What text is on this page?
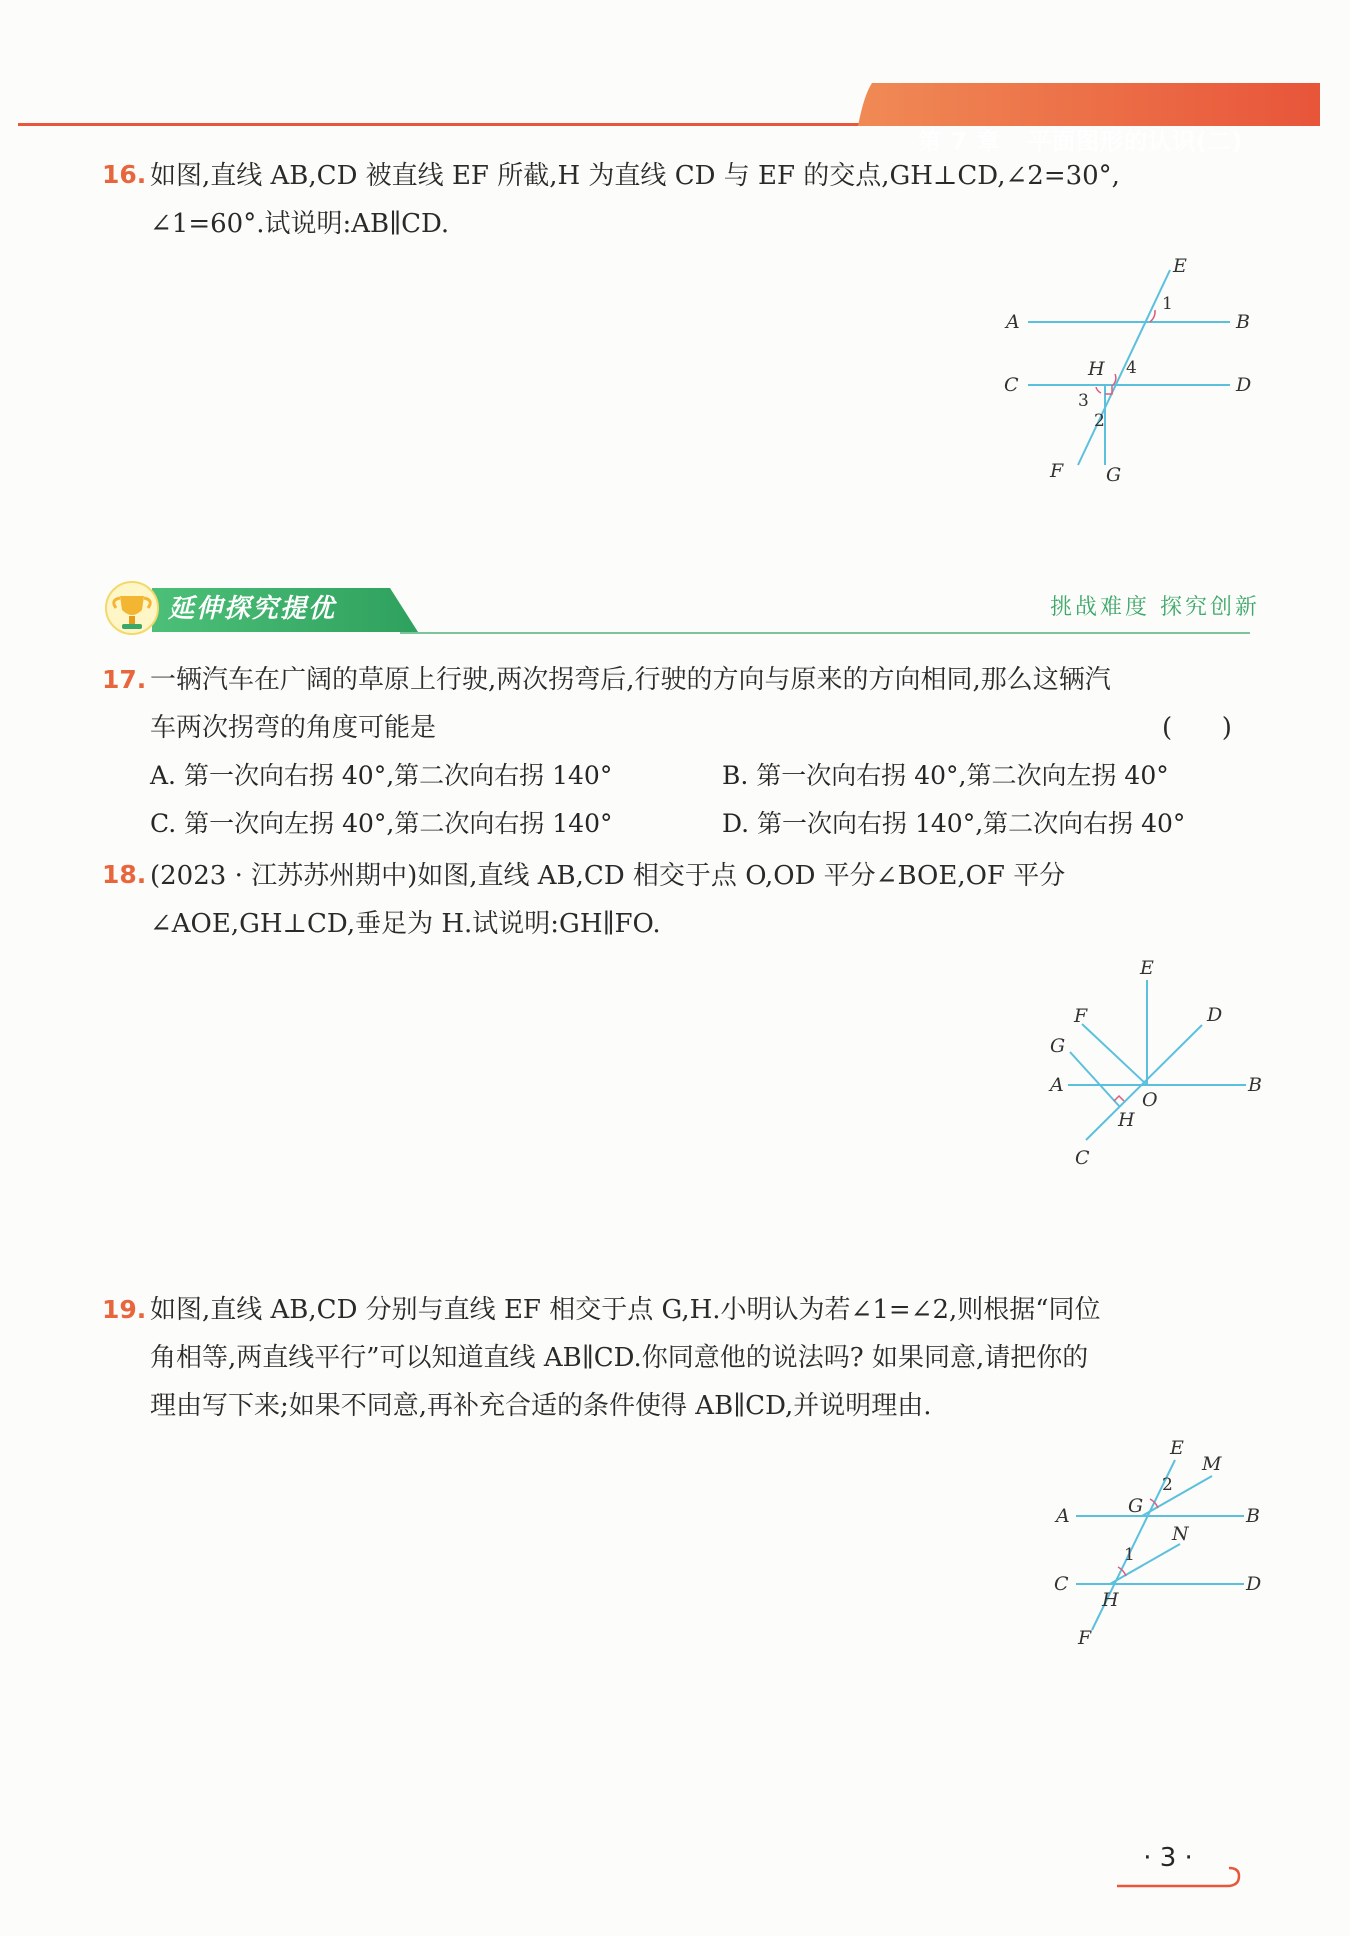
第 7 章 平面图形的认识(二)

16. 如图,直线 AB,CD 被直线 EF 所截,H 为直线 CD 与 EF 的交点,GH⊥CD,∠2=30°,
∠1=60°.试说明:AB∥CD.
E
1
A	B
H 4
C	D
3
2
F G
延伸探究提优	挑战难度 探究创新
17. 一辆汽车在广阔的草原上行驶,两次拐弯后,行驶的方向与原来的方向相同,那么这辆汽
车两次拐弯的角度可能是	(      )
A. 第一次向右拐 40°,第二次向右拐 140°	B. 第一次向右拐 40°,第二次向左拐 40°
C. 第一次向左拐 40°,第二次向右拐 140°	D. 第一次向右拐 140°,第二次向右拐 40°
18. (2023 · 江苏苏州期中)如图,直线 AB,CD 相交于点 O,OD 平分∠BOE,OF 平分
∠AOE,GH⊥CD,垂足为 H.试说明:GH∥FO.
E
F	D
G
A
O
B
H
C
19. 如图,直线 AB,CD 分别与直线 EF 相交于点 G,H.小明认为若∠1=∠2,则根据“同位
角相等,两直线平行”可以知道直线 AB∥CD.你同意他的说法吗? 如果同意,请把你的
理由写下来;如果不同意,再补充合适的条件使得 AB∥CD,并说明理由.
E
M
2
A	G	B
N
1
C
H
D
F
· 3 ·
